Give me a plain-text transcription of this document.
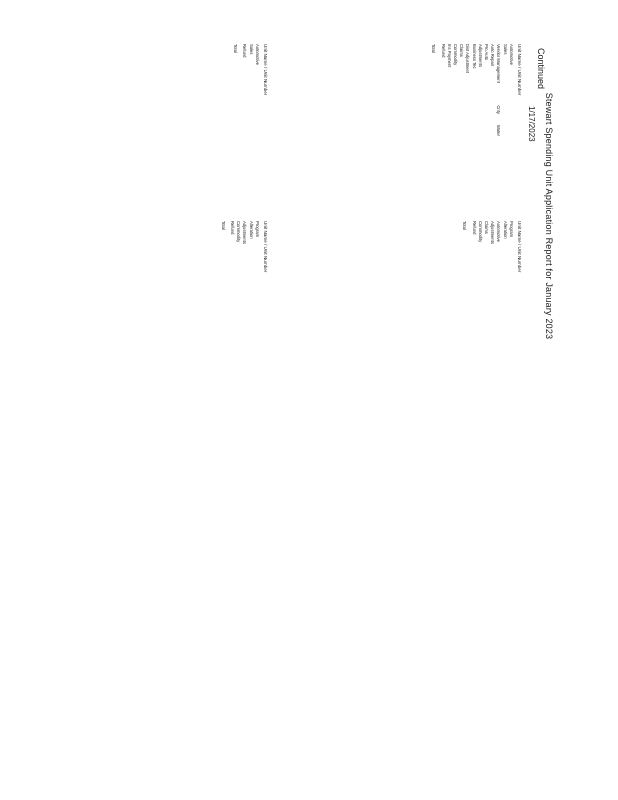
Stewart Spending Unit Application Report for January 2023
Continued
1/17/2023
Unit Name / Unit Number
Automotive
Sales
Vendor Management
Cnty
Water
Auto Repair
Pro Auto
Adjustments
Business Tec
Dist Adjustment
Claims
Commodity
Ins Payment
Refund
Total
Unit Name / Unit Number
Program
Alteration
Automotive
Adjustments
Claims
Commodity
Refund
Total
Unit Name / Unit Number
Automotive
Sales
Refund
Total
Unit Name / Unit Number
Program
Alteration
Adjustments
Commodity
Refund
Total
